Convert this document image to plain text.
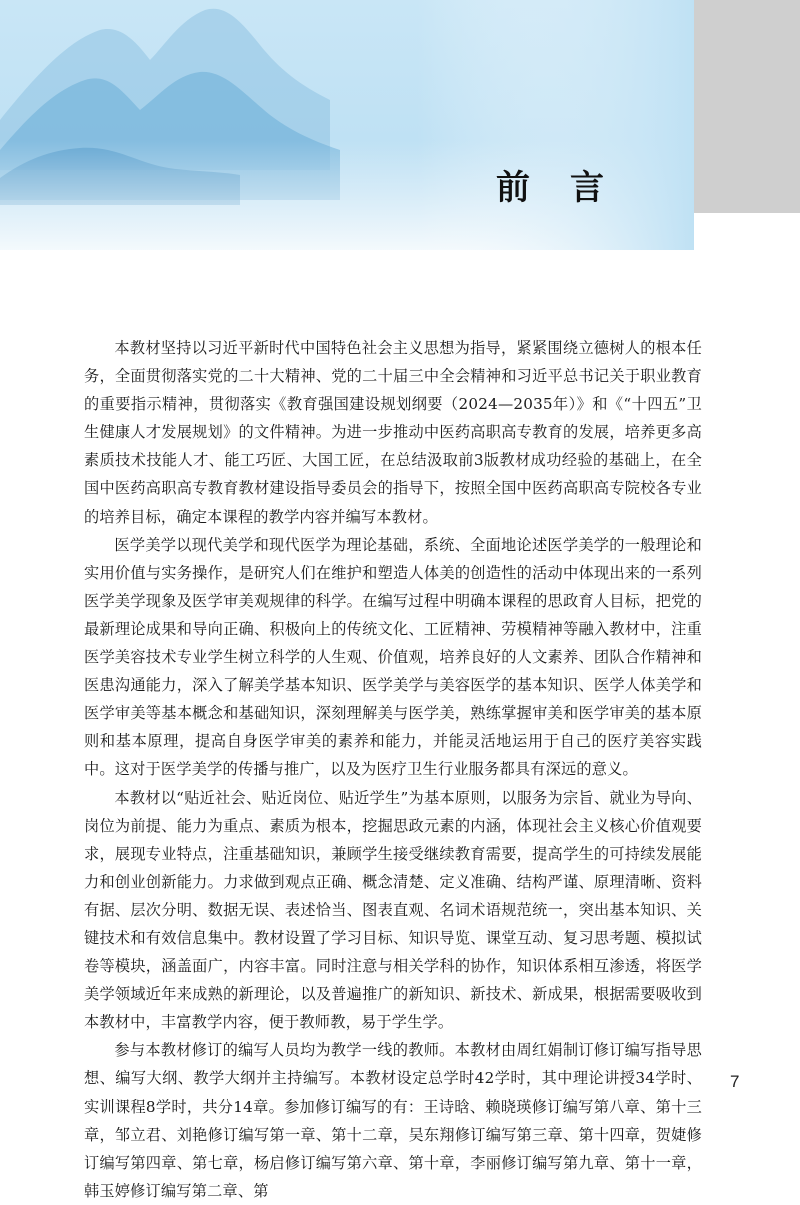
前言

本教材坚持以习近平新时代中国特色社会主义思想为指导，紧紧围绕立德树人的根本任务，全面贯彻落实党的二十大精神、党的二十届三中全会精神和习近平总书记关于职业教育的重要指示精神，贯彻落实《教育强国建设规划纲要（2024—2035年）》和《“十四五”卫生健康人才发展规划》的文件精神。为进一步推动中医药高职高专教育的发展，培养更多高素质技术技能人才、能工巧匠、大国工匠，在总结汲取前3版教材成功经验的基础上，在全国中医药高职高专教育教材建设指导委员会的指导下，按照全国中医药高职高专院校各专业的培养目标，确定本课程的教学内容并编写本教材。

医学美学以现代美学和现代医学为理论基础，系统、全面地论述医学美学的一般理论和实用价值与实务操作，是研究人们在维护和塑造人体美的创造性的活动中体现出来的一系列医学美学现象及医学审美观规律的科学。在编写过程中明确本课程的思政育人目标，把党的最新理论成果和导向正确、积极向上的传统文化、工匠精神、劳模精神等融入教材中，注重医学美容技术专业学生树立科学的人生观、价值观，培养良好的人文素养、团队合作精神和医患沟通能力，深入了解美学基本知识、医学美学与美容医学的基本知识、医学人体美学和医学审美等基本概念和基础知识，深刻理解美与医学美，熟练掌握审美和医学审美的基本原则和基本原理，提高自身医学审美的素养和能力，并能灵活地运用于自己的医疗美容实践中。这对于医学美学的传播与推广，以及为医疗卫生行业服务都具有深远的意义。

本教材以“贴近社会、贴近岗位、贴近学生”为基本原则，以服务为宗旨、就业为导向、岗位为前提、能力为重点、素质为根本，挖掘思政元素的内涵，体现社会主义核心价值观要求，展现专业特点，注重基础知识，兼顾学生接受继续教育需要，提高学生的可持续发展能力和创业创新能力。力求做到观点正确、概念清楚、定义准确、结构严谨、原理清晰、资料有据、层次分明、数据无误、表述恰当、图表直观、名词术语规范统一，突出基本知识、关键技术和有效信息集中。教材设置了学习目标、知识导览、课堂互动、复习思考题、模拟试卷等模块，涵盖面广，内容丰富。同时注意与相关学科的协作，知识体系相互渗透，将医学美学领域近年来成熟的新理论，以及普遍推广的新知识、新技术、新成果，根据需要吸收到本教材中，丰富教学内容，便于教师教，易于学生学。

参与本教材修订的编写人员均为教学一线的教师。本教材由周红娟制订修订编写指导思想、编写大纲、教学大纲并主持编写。本教材设定总学时42学时，其中理论讲授34学时、实训课程8学时，共分14章。参加修订编写的有：王诗晗、赖晓瑛修订编写第八章、第十三章，邹立君、刘艳修订编写第一章、第十二章，吴东翔修订编写第三章、第十四章，贺婕修订编写第四章、第七章，杨启修订编写第六章、第十章，李丽修订编写第九章、第十一章，韩玉婷修订编写第二章、第

7
